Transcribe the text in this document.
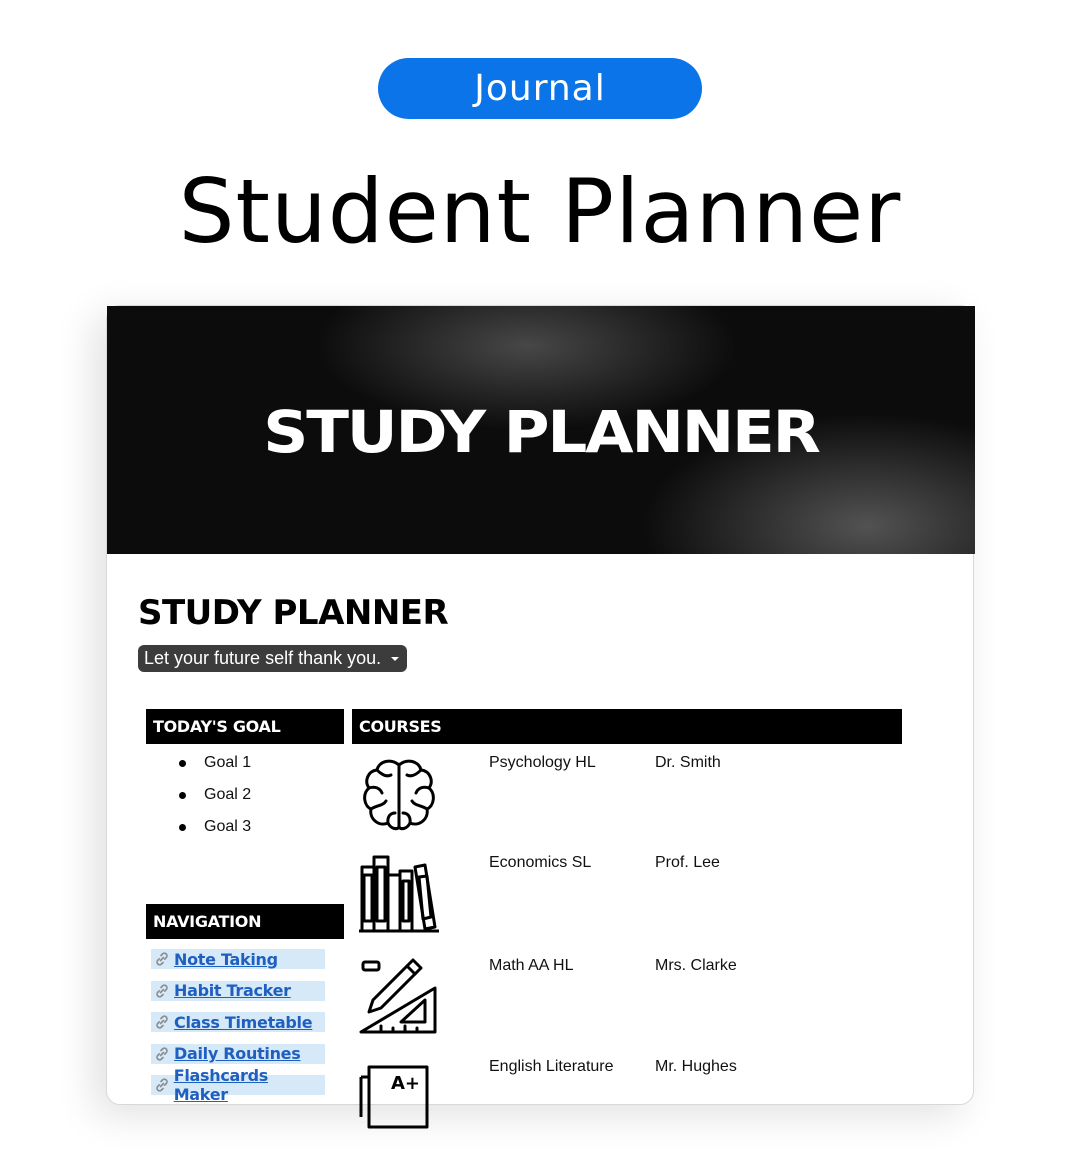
Journal
Student Planner
STUDY PLANNER
STUDY PLANNER
Let your future self thank you.
TODAY'S GOAL
Goal 1
Goal 2
Goal 3
NAVIGATION
Note Taking
Habit Tracker
Class Timetable
Daily Routines
Flashcards Maker
COURSES
Psychology HL	Dr. Smith
Economics SL	Prof. Lee
Math AA HL	Mrs. Clarke
A+
English Literature	Mr. Hughes
